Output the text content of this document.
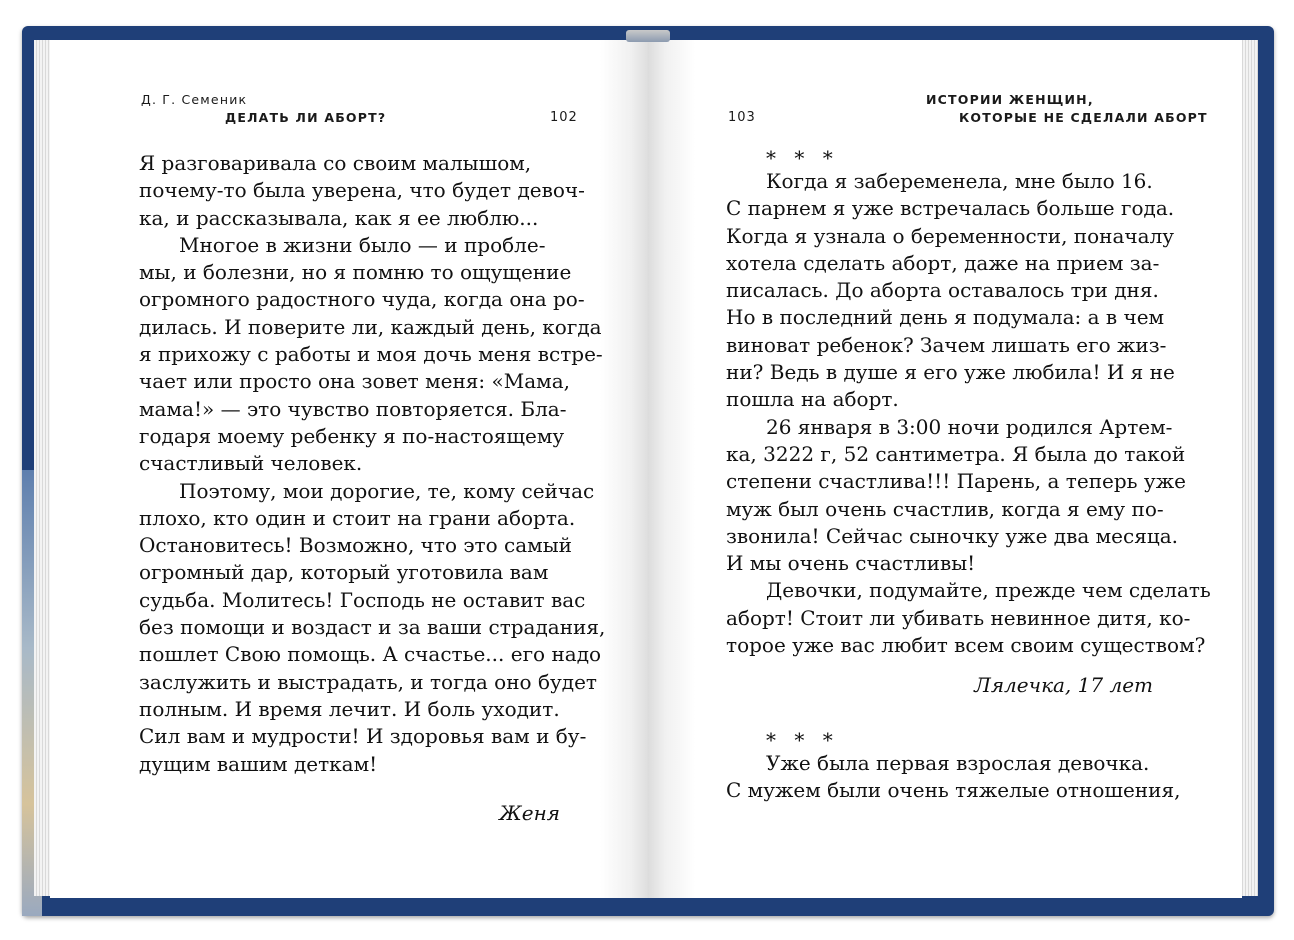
Д. Г. Семеник
ДЕЛАТЬ ЛИ АБОРТ?	102
Я разговаривала со своим малышом,
почему-то была уверена, что будет девоч-
ка, и рассказывала, как я ее люблю...
Многое в жизни было — и пробле-
мы, и болезни, но я помню то ощущение
огромного радостного чуда, когда она ро-
дилась. И поверите ли, каждый день, когда
я прихожу с работы и моя дочь меня встре-
чает или просто она зовет меня: «Мама,
мама!» — это чувство повторяется. Бла-
годаря моему ребенку я по-настоящему
счастливый человек.
Поэтому, мои дорогие, те, кому сейчас
плохо, кто один и стоит на грани аборта.
Остановитесь! Возможно, что это самый
огромный дар, который уготовила вам
судьба. Молитесь! Господь не оставит вас
без помощи и воздаст и за ваши страдания,
пошлет Свою помощь. А счастье... его надо
заслужить и выстрадать, и тогда оно будет
полным. И время лечит. И боль уходит.
Сил вам и мудрости! И здоровья вам и бу-
дущим вашим деткам!
Женя
ИСТОРИИ ЖЕНЩИН,
КОТОРЫЕ НЕ СДЕЛАЛИ АБОРТ
103
* * *
Когда я забеременела, мне было 16.
С парнем я уже встречалась больше года.
Когда я узнала о беременности, поначалу
хотела сделать аборт, даже на прием за-
писалась. До аборта оставалось три дня.
Но в последний день я подумала: а в чем
виноват ребенок? Зачем лишать его жиз-
ни? Ведь в душе я его уже любила! И я не
пошла на аборт.
26 января в 3:00 ночи родился Артем-
ка, 3222 г, 52 сантиметра. Я была до такой
степени счастлива!!! Парень, а теперь уже
муж был очень счастлив, когда я ему по-
звонила! Сейчас сыночку уже два месяца.
И мы очень счастливы!
Девочки, подумайте, прежде чем сделать
аборт! Стоит ли убивать невинное дитя, ко-
торое уже вас любит всем своим существом?
Лялечка, 17 лет
* * *
Уже была первая взрослая девочка.
С мужем были очень тяжелые отношения,
